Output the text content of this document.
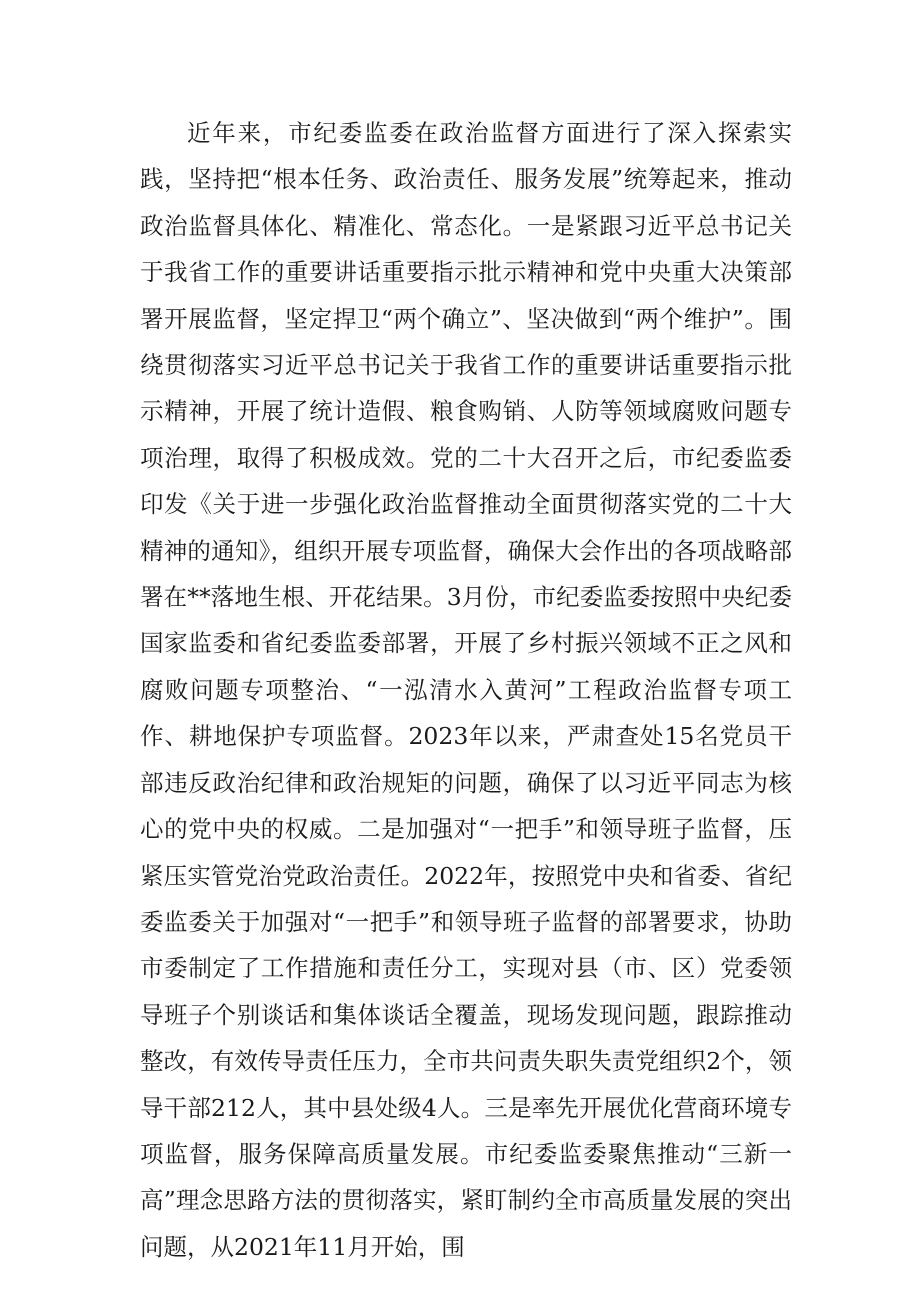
近年来，市纪委监委在政治监督方面进行了深入探索实践，坚持把“根本任务、政治责任、服务发展”统筹起来，推动政治监督具体化、精准化、常态化。一是紧跟习近平总书记关于我省工作的重要讲话重要指示批示精神和党中央重大决策部署开展监督，坚定捍卫“两个确立”、坚决做到“两个维护”。围绕贯彻落实习近平总书记关于我省工作的重要讲话重要指示批示精神，开展了统计造假、粮食购销、人防等领域腐败问题专项治理，取得了积极成效。党的二十大召开之后，市纪委监委印发《关于进一步强化政治监督推动全面贯彻落实党的二十大精神的通知》，组织开展专项监督，确保大会作出的各项战略部署在**落地生根、开花结果。3月份，市纪委监委按照中央纪委国家监委和省纪委监委部署，开展了乡村振兴领域不正之风和腐败问题专项整治、“一泓清水入黄河”工程政治监督专项工作、耕地保护专项监督。2023年以来，严肃查处15名党员干部违反政治纪律和政治规矩的问题，确保了以习近平同志为核心的党中央的权威。二是加强对“一把手”和领导班子监督，压紧压实管党治党政治责任。2022年，按照党中央和省委、省纪委监委关于加强对“一把手”和领导班子监督的部署要求，协助市委制定了工作措施和责任分工，实现对县（市、区）党委领导班子个别谈话和集体谈话全覆盖，现场发现问题，跟踪推动整改，有效传导责任压力，全市共问责失职失责党组织2个，领导干部212人，其中县处级4人。三是率先开展优化营商环境专项监督，服务保障高质量发展。市纪委监委聚焦推动“三新一高”理念思路方法的贯彻落实，紧盯制约全市高质量发展的突出问题，从2021年11月开始，围
